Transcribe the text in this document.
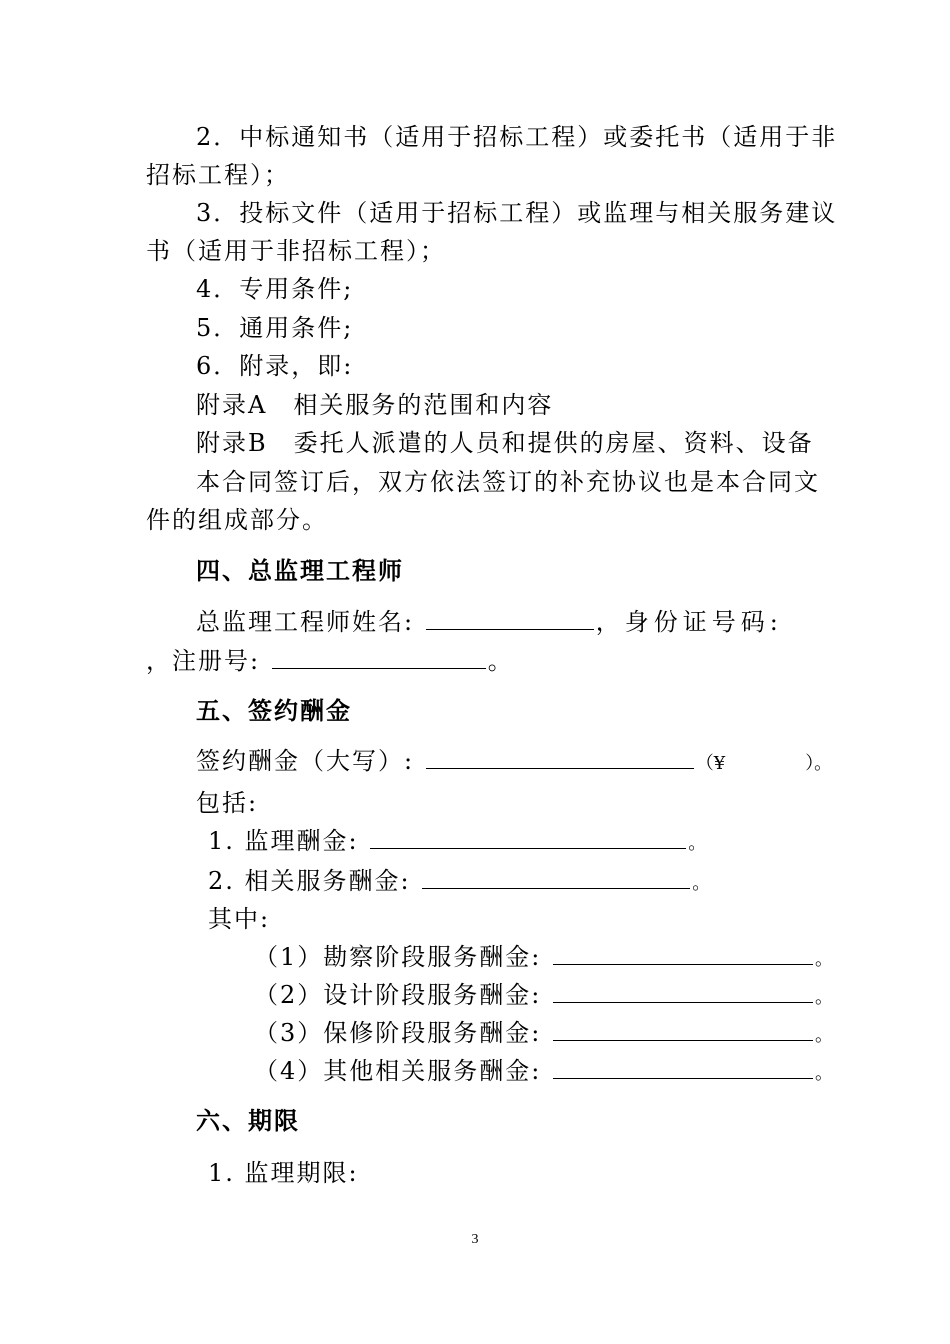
2．中标通知书（适用于招标工程）或委托书（适用于非
招标工程）；
3．投标文件（适用于招标工程）或监理与相关服务建议
书（适用于非招标工程）；
4．专用条件;
5．通用条件;
6．附录，即:
附录A　相关服务的范围和内容
附录B　委托人派遣的人员和提供的房屋、资料、设备
本合同签订后，双方依法签订的补充协议也是本合同文
件的组成部分。
四、总监理工程师
总监理工程师姓名:	，身份证号码:
，注册号:	。
五、签约酬金
签约酬金（大写）:	（¥	）。
包括:
1. 监理酬金:	。
2. 相关服务酬金:	。
其中:
（1）勘察阶段服务酬金:	。
（2）设计阶段服务酬金:	。
（3）保修阶段服务酬金:	。
（4）其他相关服务酬金:	。
六、期限
1. 监理期限:
3
